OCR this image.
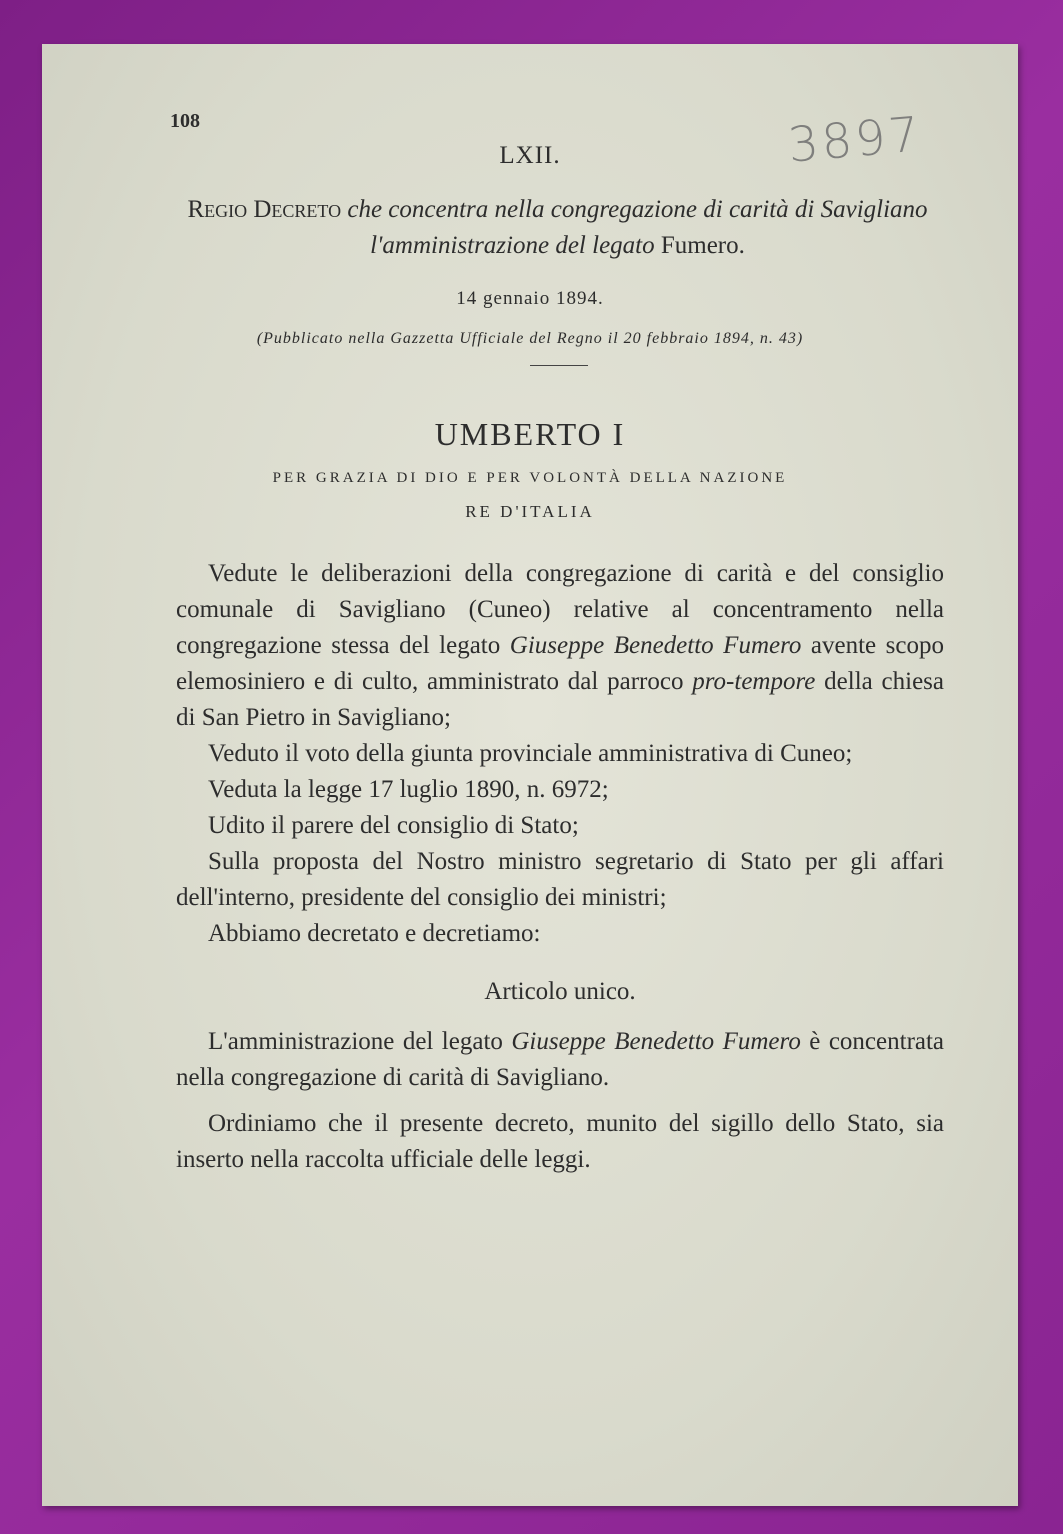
108
LXII.	3897
Regio Decreto che concentra nella congregazione di carità di Savigliano l'amministrazione del legato Fumero.
14 gennaio 1894.
(Pubblicato nella Gazzetta Ufficiale del Regno il 20 febbraio 1894, n. 43)
UMBERTO I
PER GRAZIA DI DIO E PER VOLONTÀ DELLA NAZIONE
RE D'ITALIA

Vedute le deliberazioni della congregazione di carità e del consiglio comunale di Savigliano (Cuneo) relative al concentramento nella congregazione stessa del legato Giuseppe Benedetto Fumero avente scopo elemosiniero e di culto, amministrato dal parroco pro-tempore della chiesa di San Pietro in Savigliano;

Veduto il voto della giunta provinciale amministrativa di Cuneo;

Veduta la legge 17 luglio 1890, n. 6972;

Udito il parere del consiglio di Stato;

Sulla proposta del Nostro ministro segretario di Stato per gli affari dell'interno, presidente del consiglio dei ministri;

Abbiamo decretato e decretiamo:

Articolo unico.

L'amministrazione del legato Giuseppe Benedetto Fumero è concentrata nella congregazione di carità di Savigliano.

Ordiniamo che il presente decreto, munito del sigillo dello Stato, sia inserto nella raccolta ufficiale delle leggi.
